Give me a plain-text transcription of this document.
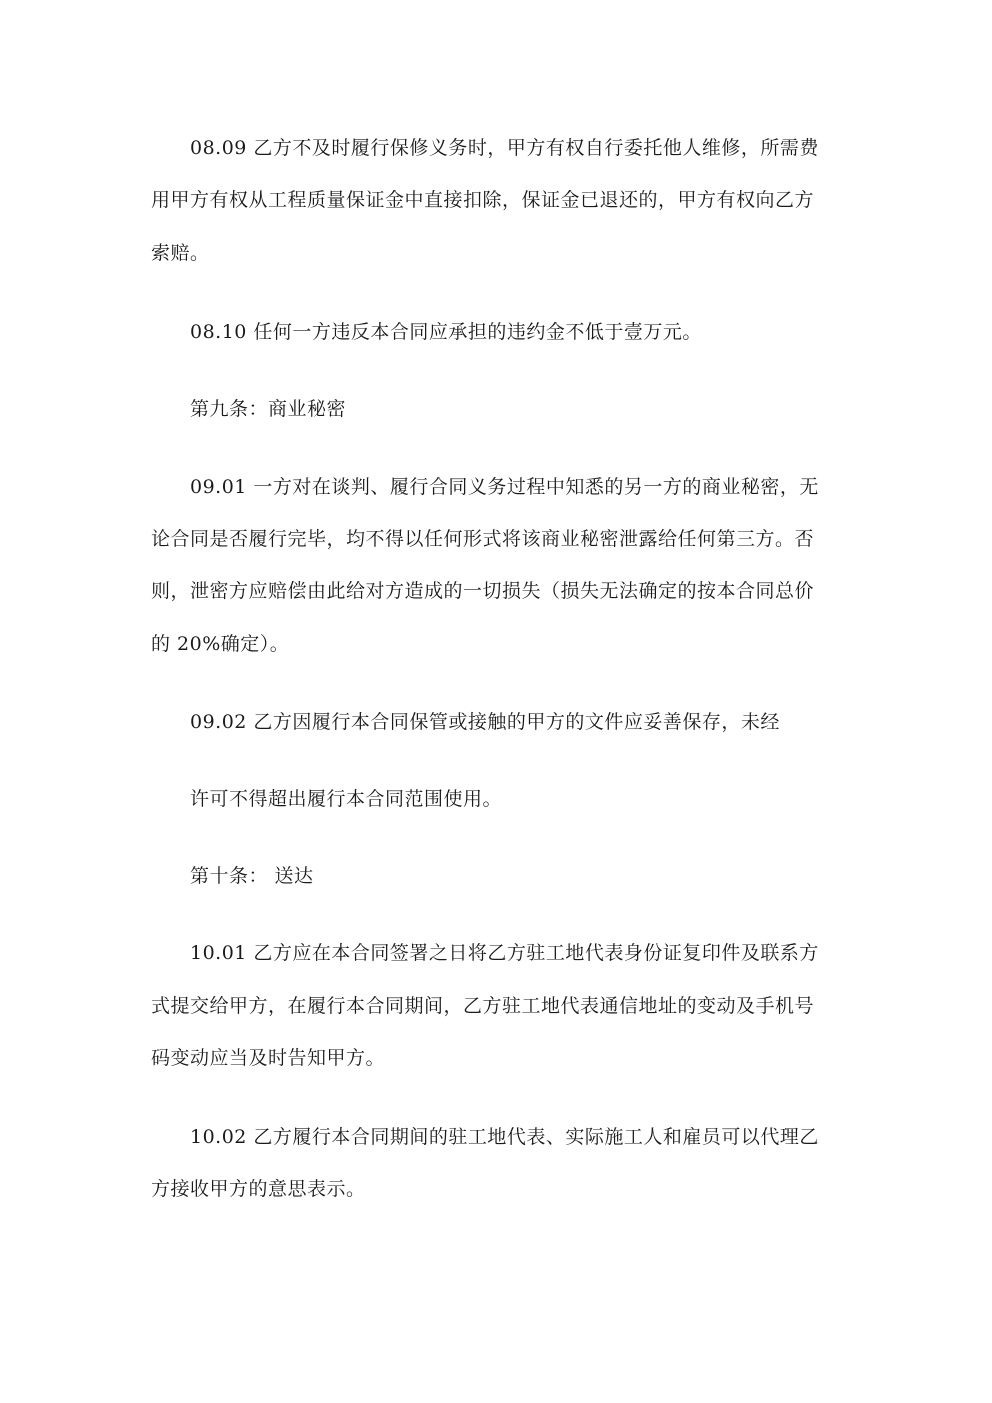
08.09 乙方不及时履行保修义务时，甲方有权自行委托他人维修，所需费
用甲方有权从工程质量保证金中直接扣除，保证金已退还的，甲方有权向乙方
索赔。
08.10 任何一方违反本合同应承担的违约金不低于壹万元。
第九条：商业秘密
09.01 一方对在谈判、履行合同义务过程中知悉的另一方的商业秘密，无
论合同是否履行完毕，均不得以任何形式将该商业秘密泄露给任何第三方。否
则，泄密方应赔偿由此给对方造成的一切损失（损失无法确定的按本合同总价
的 20%确定）。
09.02 乙方因履行本合同保管或接触的甲方的文件应妥善保存，未经
许可不得超出履行本合同范围使用。
第十条： 送达
10.01 乙方应在本合同签署之日将乙方驻工地代表身份证复印件及联系方
式提交给甲方，在履行本合同期间，乙方驻工地代表通信地址的变动及手机号
码变动应当及时告知甲方。
10.02 乙方履行本合同期间的驻工地代表、实际施工人和雇员可以代理乙
方接收甲方的意思表示。
